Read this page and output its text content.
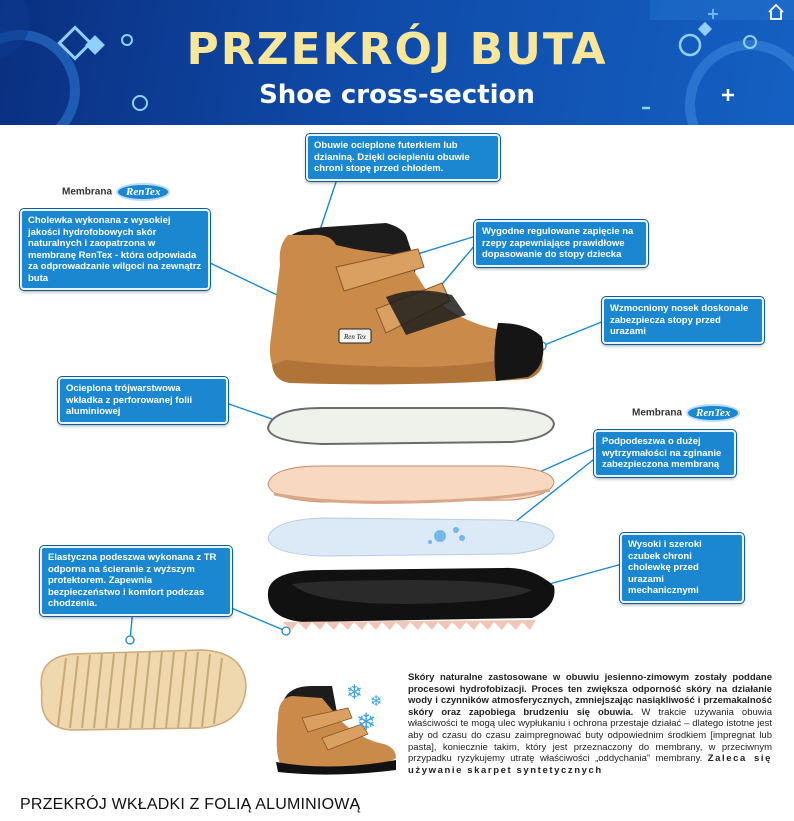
PRZEKRÓJ BUTA
Shoe cross-section
Ren Tex
❄ ❄
❄
Membrana RenTex
Membrana RenTex
Obuwie ocieplone futerkiem lub dzianiną. Dzięki ociepleniu obuwie chroni stopę przed chłodem.
Cholewka wykonana z wysokiej jakości hydrofobowych skór naturalnych i zaopatrzona w membranę RenTex - która odpowiada za odprowadzanie wilgoci na zewnątrz buta
Wygodne regulowane zapięcie na rzepy zapewniające prawidłowe dopasowanie do stopy dziecka
Wzmocniony nosek doskonale zabezpiecza stopy przed urazami
Ocieplona trójwarstwowa wkładka z perforowanej folii aluminiowej
Podpodeszwa o dużej wytrzymałości na zginanie zabezpieczona membraną
Wysoki i szeroki czubek chroni cholewkę przed urazami mechanicznymi
Elastyczna podeszwa wykonana z TR odporna na ścieranie z wyższym protektorem. Zapewnia bezpieczeństwo i komfort podczas chodzenia.
Skóry naturalne zastosowane w obuwiu jesienno-zimowym zostały poddane procesowi hydrofobizacji. Proces ten zwiększa odporność skóry na działanie wody i czynników atmosferycznych, zmniejszając nasiąkliwość i przemakalność skóry oraz zapobiega brudzeniu się obuwia. W trakcie używania obuwia właściwości te mogą ulec wypłukaniu i ochrona przestaje działać – dlatego istotne jest aby od czasu do czasu zaimpregnować buty odpowiednim środkiem [impregnat lub pasta], koniecznie takim, który jest przeznaczony do membrany, w przeciwnym przypadku ryzykujemy utratę właściwości „oddychania” membrany. Zaleca się używanie skarpet syntetycznych
PRZEKRÓJ WKŁADKI Z FOLIĄ ALUMINIOWĄ
